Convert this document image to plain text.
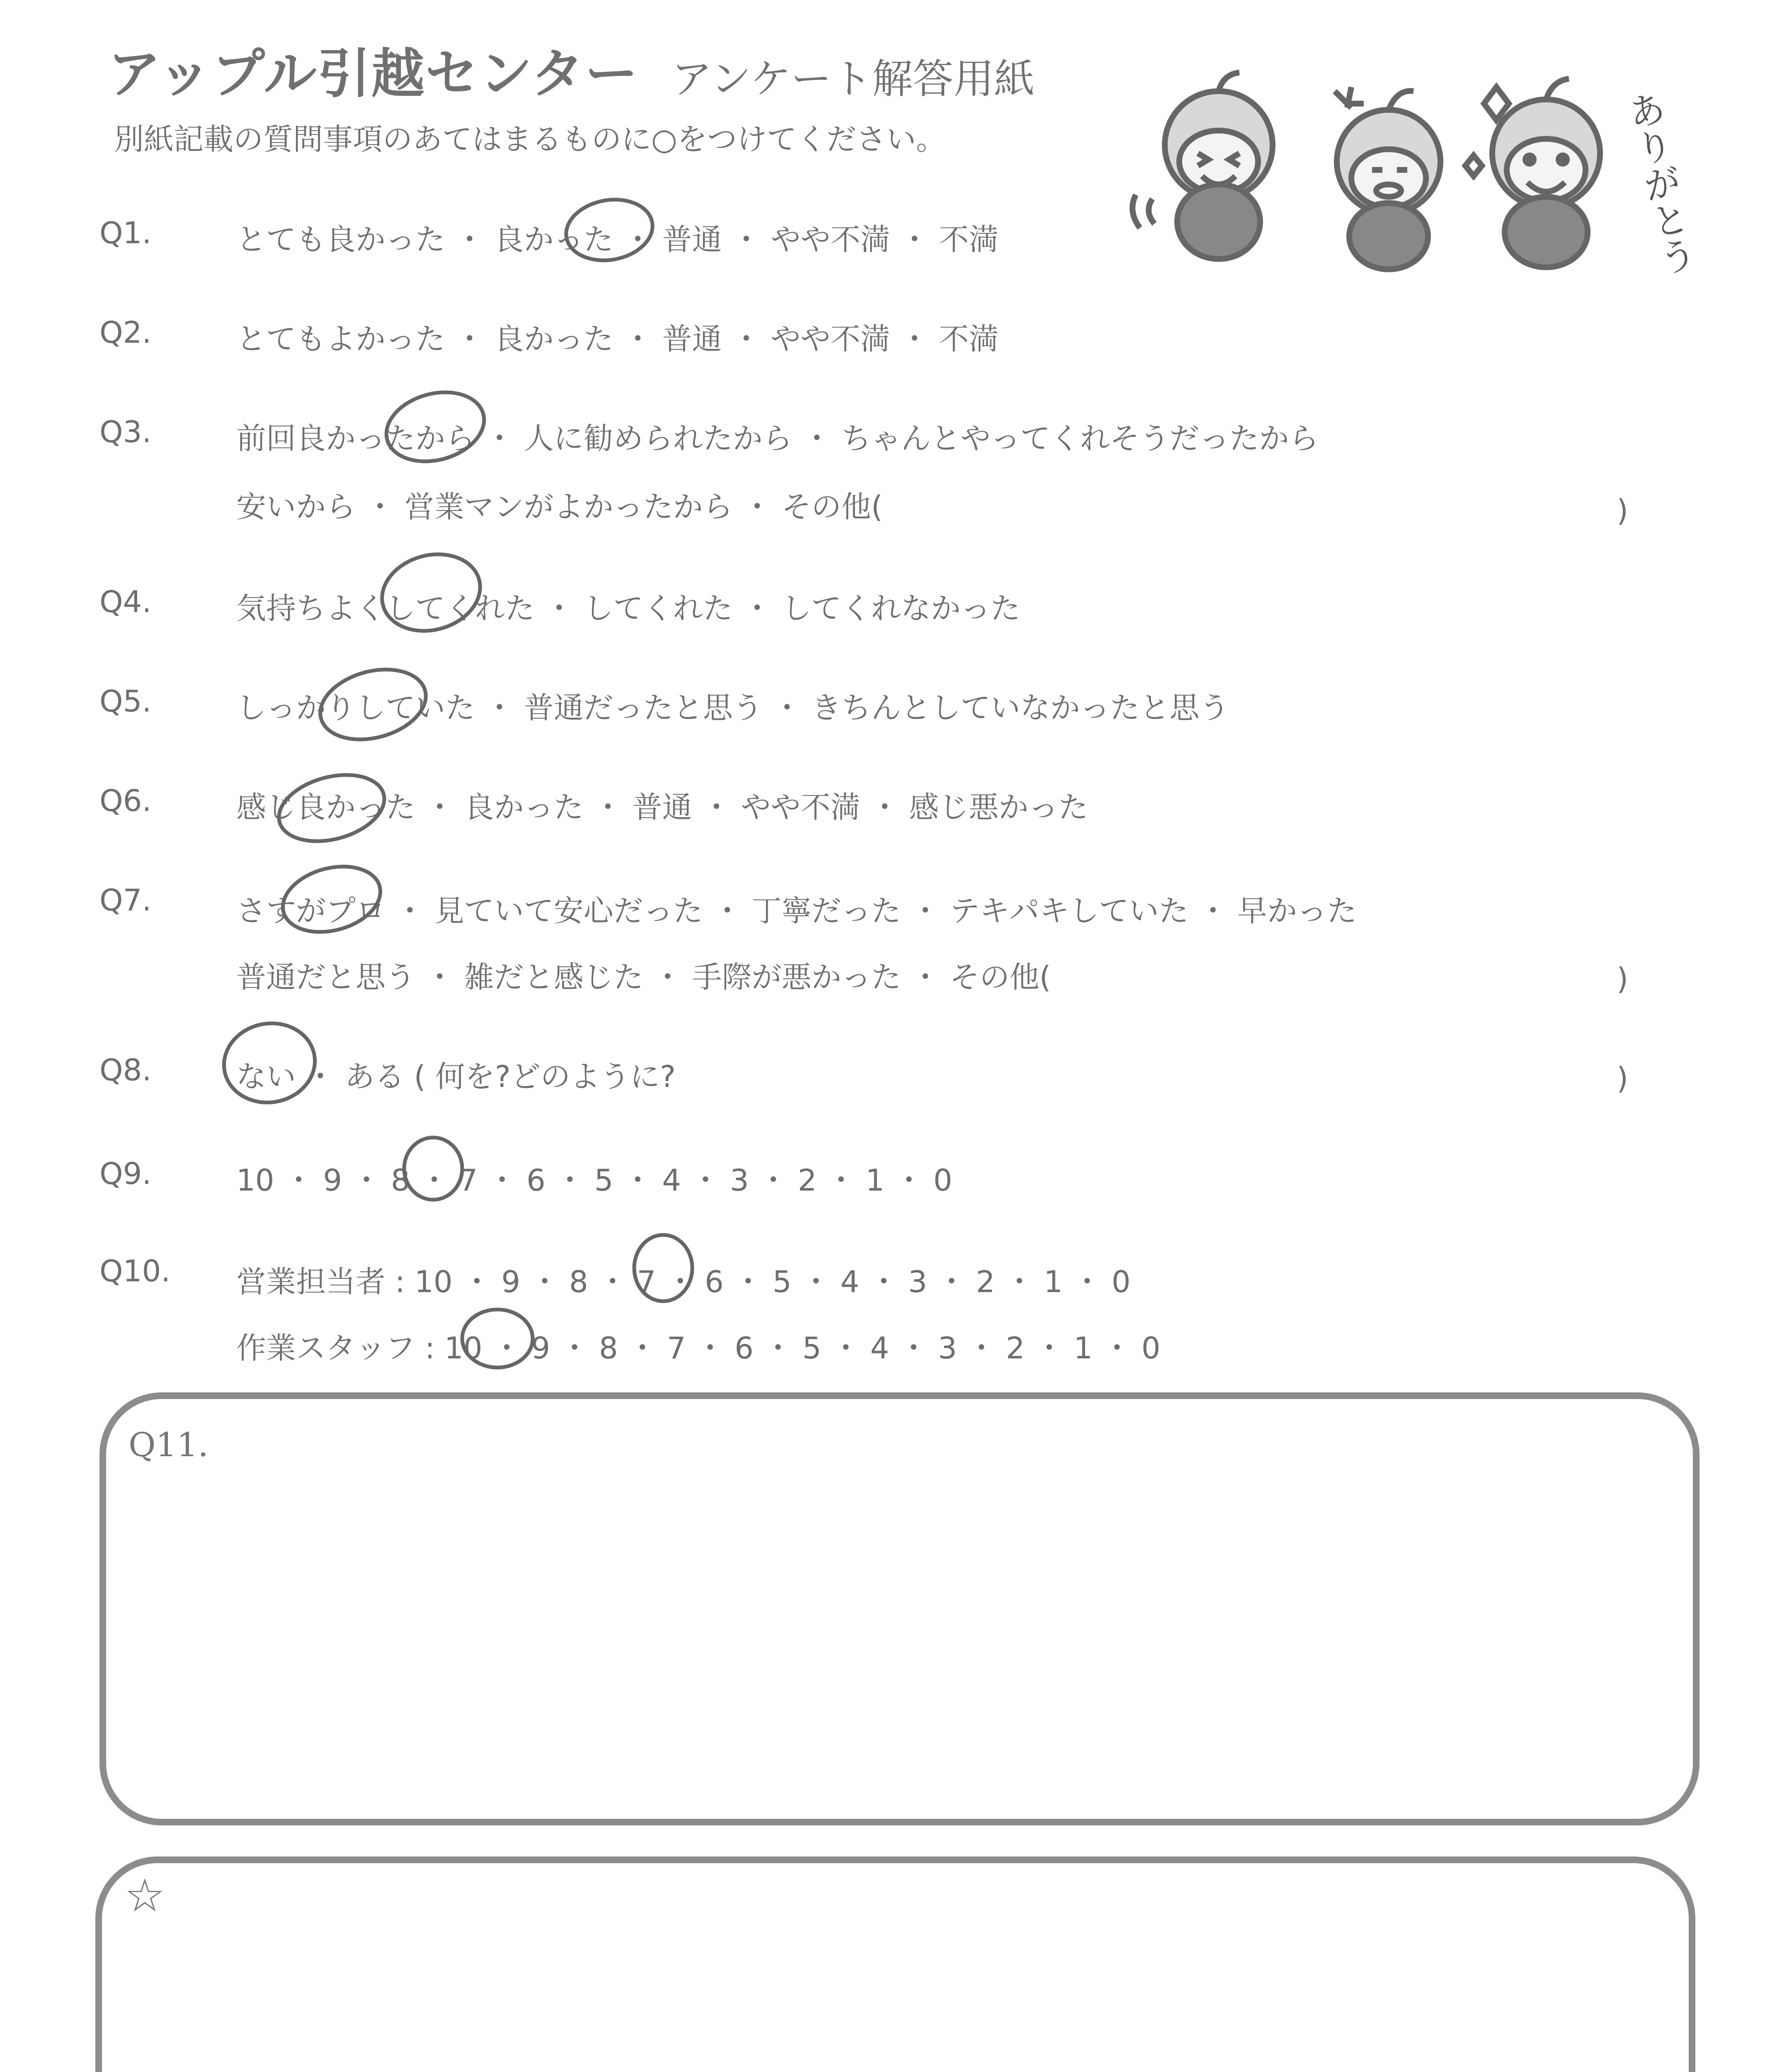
アップル引越センター アンケート解答用紙
別紙記載の質問事項のあてはまるものに○をつけてください。	ありがとう
Q1.	とても良かった ・ 良かった ・ 普通 ・ やや不満 ・ 不満
Q2.	とてもよかった ・ 良かった ・ 普通 ・ やや不満 ・ 不満
Q3.	前回良かったから ・ 人に勧められたから ・ ちゃんとやってくれそうだったから
安いから ・ 営業マンがよかったから ・ その他(	)
Q4.	気持ちよくしてくれた ・ してくれた ・ してくれなかった
Q5.	しっかりしていた ・ 普通だったと思う ・ きちんとしていなかったと思う
Q6.	感じ良かった ・ 良かった ・ 普通 ・ やや不満 ・ 感じ悪かった
Q7.	さすがプロ ・ 見ていて安心だった ・ 丁寧だった ・ テキパキしていた ・ 早かった
普通だと思う ・ 雑だと感じた ・ 手際が悪かった ・ その他(	)
Q8.	ない ・ ある ( 何を?どのように?	)
Q9.	10 ・ 9 ・ 8 ・ 7 ・ 6 ・ 5 ・ 4 ・ 3 ・ 2 ・ 1 ・ 0
Q10. 営業担当者 : 10 ・ 9 ・ 8 ・ 7 ・ 6 ・ 5 ・ 4 ・ 3 ・ 2 ・ 1 ・ 0
作業スタッフ : 10 ・ 9 ・ 8 ・ 7 ・ 6 ・ 5 ・ 4 ・ 3 ・ 2 ・ 1 ・ 0
Q11.
☆
